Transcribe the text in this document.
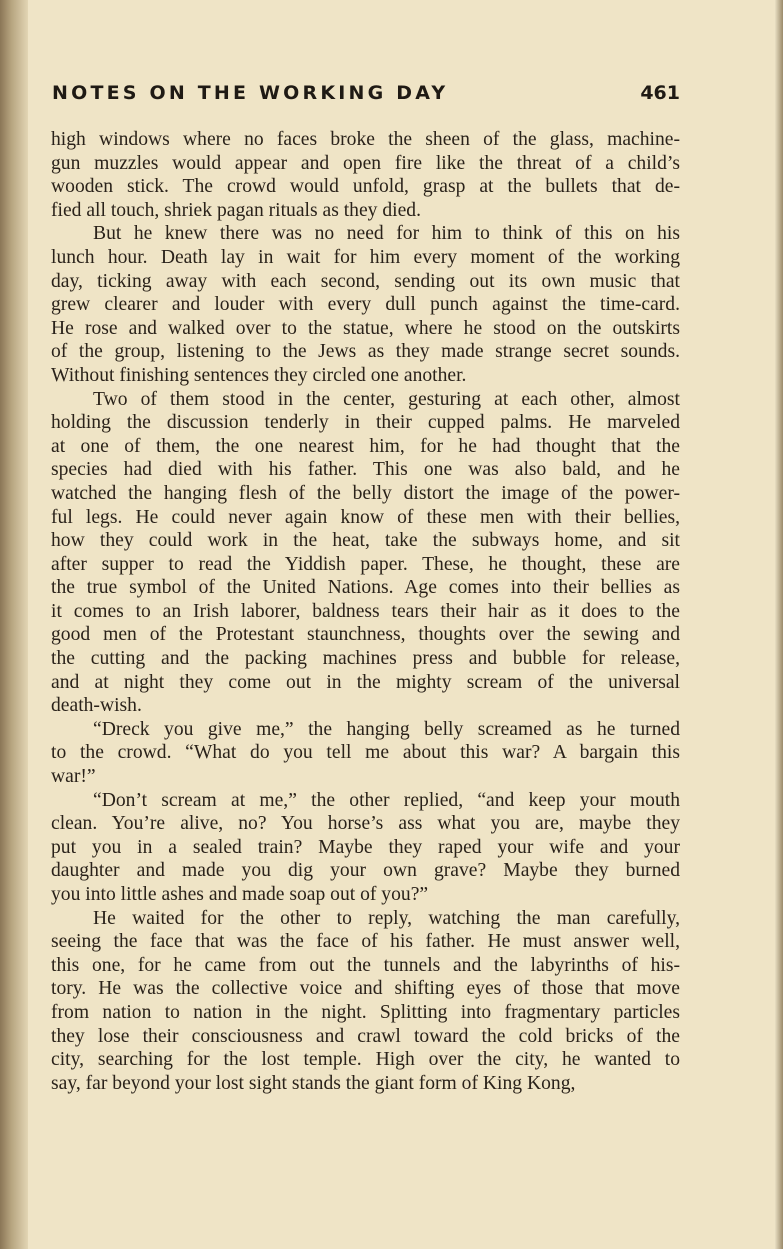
NOTES ON THE WORKING DAY	461
high windows where no faces broke the sheen of the glass, machine-
gun muzzles would appear and open fire like the threat of a child’s
wooden stick. The crowd would unfold, grasp at the bullets that de-
fied all touch, shriek pagan rituals as they died.
But he knew there was no need for him to think of this on his
lunch hour. Death lay in wait for him every moment of the working
day, ticking away with each second, sending out its own music that
grew clearer and louder with every dull punch against the time-card.
He rose and walked over to the statue, where he stood on the outskirts
of the group, listening to the Jews as they made strange secret sounds.
Without finishing sentences they circled one another.
Two of them stood in the center, gesturing at each other, almost
holding the discussion tenderly in their cupped palms. He marveled
at one of them, the one nearest him, for he had thought that the
species had died with his father. This one was also bald, and he
watched the hanging flesh of the belly distort the image of the power-
ful legs. He could never again know of these men with their bellies,
how they could work in the heat, take the subways home, and sit
after supper to read the Yiddish paper. These, he thought, these are
the true symbol of the United Nations. Age comes into their bellies as
it comes to an Irish laborer, baldness tears their hair as it does to the
good men of the Protestant staunchness, thoughts over the sewing and
the cutting and the packing machines press and bubble for release,
and at night they come out in the mighty scream of the universal
death-wish.
“Dreck you give me,” the hanging belly screamed as he turned
to the crowd. “What do you tell me about this war? A bargain this
war!”
“Don’t scream at me,” the other replied, “and keep your mouth
clean. You’re alive, no? You horse’s ass what you are, maybe they
put you in a sealed train? Maybe they raped your wife and your
daughter and made you dig your own grave? Maybe they burned
you into little ashes and made soap out of you?”
He waited for the other to reply, watching the man carefully,
seeing the face that was the face of his father. He must answer well,
this one, for he came from out the tunnels and the labyrinths of his-
tory. He was the collective voice and shifting eyes of those that move
from nation to nation in the night. Splitting into fragmentary particles
they lose their consciousness and crawl toward the cold bricks of the
city, searching for the lost temple. High over the city, he wanted to
say, far beyond your lost sight stands the giant form of King Kong,
